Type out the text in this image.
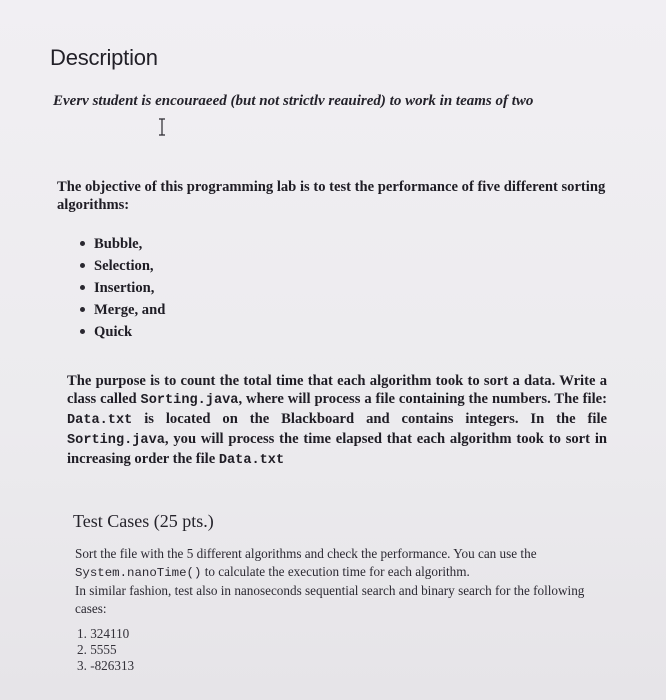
Description
Everv student is encouraeed (but not strictlv reauired) to work in teams of two
The objective of this programming lab is to test the performance of five different sorting algorithms:
Bubble,
Selection,
Insertion,
Merge, and
Quick
The purpose is to count the total time that each algorithm took to sort a data. Write a class called Sorting.java, where will process a file containing the numbers. The file: Data.txt is located on the Blackboard and contains integers. In the file Sorting.java, you will process the time elapsed that each algorithm took to sort in increasing order the file Data.txt
Test Cases (25 pts.)
Sort the file with the 5 different algorithms and check the performance. You can use the System.nanoTime() to calculate the execution time for each algorithm.
In similar fashion, test also in nanoseconds sequential search and binary search for the following cases:
1. 324110
2. 5555
3. -826313
